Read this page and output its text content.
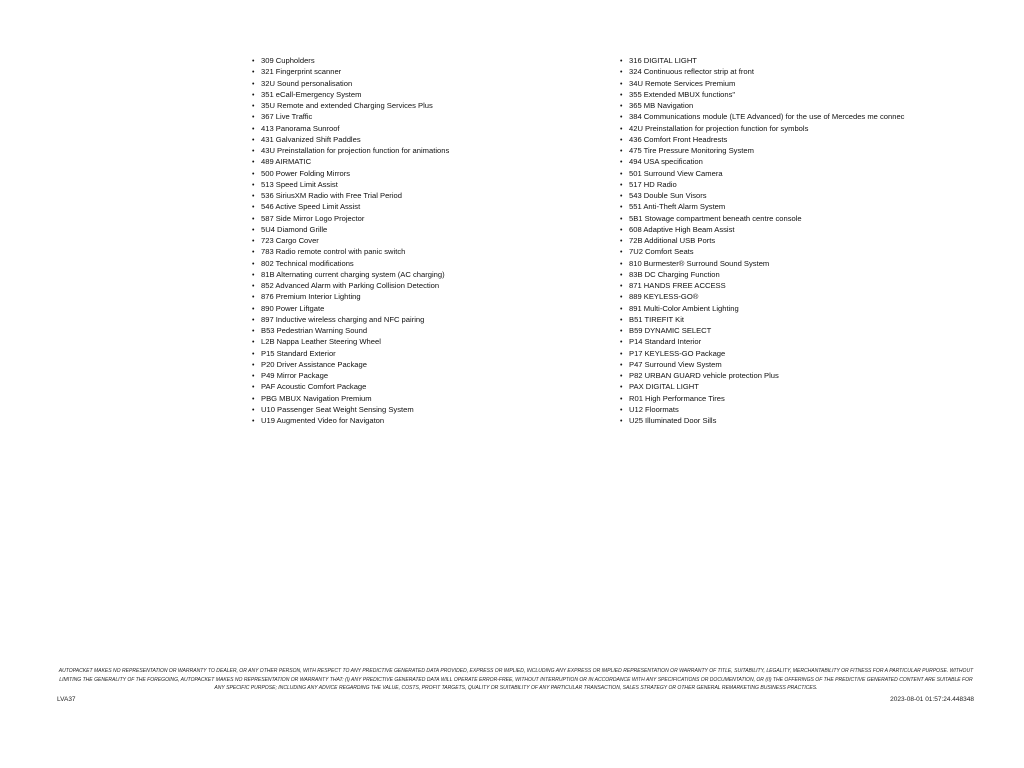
• 309 Cupholders
• 321 Fingerprint scanner
• 32U Sound personalisation
• 351 eCall-Emergency System
• 35U Remote and extended Charging Services Plus
• 367 Live Traffic
• 413 Panorama Sunroof
• 431 Galvanized Shift Paddles
• 43U Preinstallation for projection function for animations
• 489 AIRMATIC
• 500 Power Folding Mirrors
• 513 Speed Limit Assist
• 536 SiriusXM Radio with Free Trial Period
• 546 Active Speed Limit Assist
• 587 Side Mirror Logo Projector
• 5U4 Diamond Grille
• 723 Cargo Cover
• 783 Radio remote control with panic switch
• 802 Technical modifications
• 81B Alternating current charging system (AC charging)
• 852 Advanced Alarm with Parking Collision Detection
• 876 Premium Interior Lighting
• 890 Power Liftgate
• 897 Inductive wireless charging and NFC pairing
• B53 Pedestrian Warning Sound
• L2B Nappa Leather Steering Wheel
• P15 Standard Exterior
• P20 Driver Assistance Package
• P49 Mirror Package
• PAF Acoustic Comfort Package
• PBG MBUX Navigation Premium
• U10 Passenger Seat Weight Sensing System
• U19 Augmented Video for Navigaton
• 316 DIGITAL LIGHT
• 324 Continuous reflector strip at front
• 34U Remote Services Premium
• 355 Extended MBUX functions"
• 365 MB Navigation
• 384 Communications module (LTE Advanced) for the use of Mercedes me connec
• 42U Preinstallation for projection function for symbols
• 436 Comfort Front Headrests
• 475 Tire Pressure Monitoring System
• 494 USA specification
• 501 Surround View Camera
• 517 HD Radio
• 543 Double Sun Visors
• 551 Anti-Theft Alarm System
• 5B1 Stowage compartment beneath centre console
• 608 Adaptive High Beam Assist
• 72B Additional USB Ports
• 7U2 Comfort Seats
• 810 Burmester® Surround Sound System
• 83B DC Charging Function
• 871 HANDS FREE ACCESS
• 889 KEYLESS-GO®
• 891 Multi-Color Ambient Lighting
• B51 TIREFIT Kit
• B59 DYNAMIC SELECT
• P14 Standard Interior
• P17 KEYLESS-GO Package
• P47 Surround View System
• P82 URBAN GUARD vehicle protection Plus
• PAX DIGITAL LIGHT
• R01 High Performance Tires
• U12 Floormats
• U25 Illuminated Door Sills

AUTOPACKET MAKES NO REPRESENTATION OR WARRANTY TO DEALER, OR ANY OTHER PERSON, WITH RESPECT TO ANY PREDICTIVE GENERATED DATA PROVIDED, EXPRESS OR IMPLIED, INCLUDING ANY EXPRESS OR IMPLIED REPRESENTATION OR WARRANTY OF TITLE, SUITABILITY, LEGALITY, MERCHANTABILITY OR FITNESS FOR A PARTICULAR PURPOSE. WITHOUT LIMITING THE GENERALITY OF THE FOREGOING, AUTOPACKET MAKES NO REPRESENTATION OR WARRANTY THAT: (I) ANY PREDICTIVE GENERATED DATA WILL OPERATE ERROR-FREE, WITHOUT INTERRUPTION OR IN ACCORDANCE WITH ANY SPECIFICATIONS OR DOCUMENTATION, OR (II) THE OFFERINGS OF THE PREDICTIVE GENERATED CONTENT ARE SUITABLE FOR ANY SPECIFIC PURPOSE; INCLUDING ANY ADVICE REGARDING THE VALUE, COSTS, PROFIT TARGETS, QUALITY OR SUITABILITY OF ANY PARTICULAR TRANSACTION, SALES STRATEGY OR OTHER GENERAL REMARKETING BUSINESS PRACTICES.

LVA37	2023-08-01 01:57:24.448348
